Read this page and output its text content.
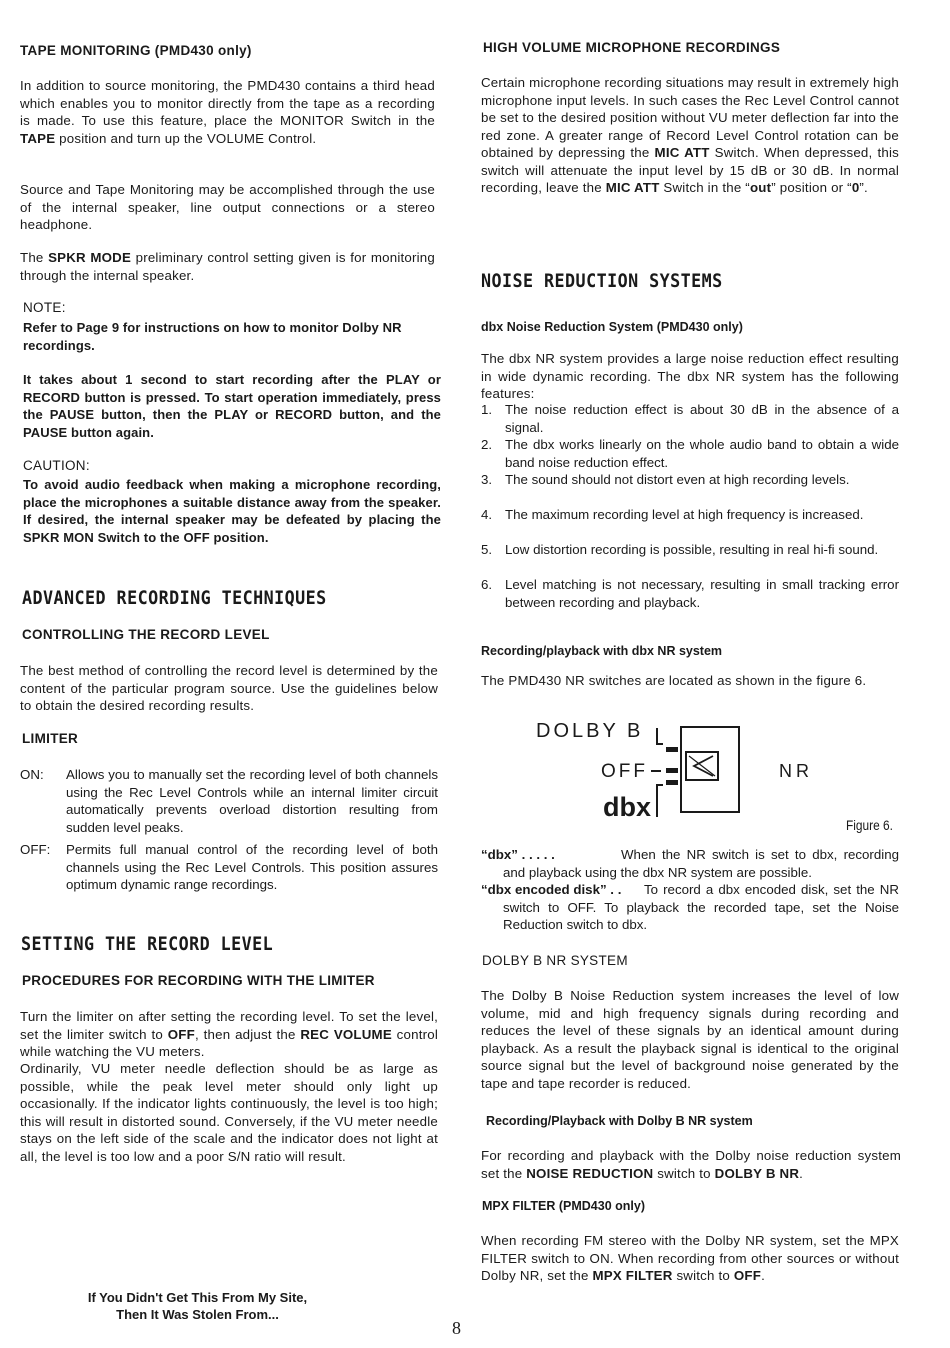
TAPE MONITORING (PMD430 only)

In addition to source monitoring, the PMD430 contains a third head which enables you to monitor directly from the tape as a recording is made. To use this feature, place the MONITOR Switch in the TAPE position and turn up the VOLUME Control.

Source and Tape Monitoring may be accomplished through the use of the internal speaker, line output connections or a stereo headphone.

The SPKR MODE preliminary control setting given is for monitoring through the internal speaker.

NOTE:

Refer to Page 9 for instructions on how to monitor Dolby NR recordings.

It takes about 1 second to start recording after the PLAY or RECORD button is pressed. To start operation immediately, press the PAUSE button, then the PLAY or RECORD button, and the PAUSE button again.

CAUTION:

To avoid audio feedback when making a microphone recording, place the microphones a suitable distance away from the speaker. If desired, the internal speaker may be defeated by placing the SPKR MON Switch to the OFF position.

ADVANCED RECORDING TECHNIQUES
CONTROLLING THE RECORD LEVEL

The best method of controlling the record level is determined by the content of the particular program source. Use the guidelines below to obtain the desired recording results.

LIMITER
ON: Allows you to manually set the recording level of both channels using the Rec Level Controls while an internal limiter circuit automatically prevents overload distortion resulting from sudden level peaks.
OFF: Permits full manual control of the recording level of both channels using the Rec Level Controls. This position assures optimum dynamic range recordings.
SETTING THE RECORD LEVEL
PROCEDURES FOR RECORDING WITH THE LIMITER

Turn the limiter on after setting the recording level. To set the level, set the limiter switch to OFF, then adjust the REC VOLUME control while watching the VU meters.

Ordinarily, VU meter needle deflection should be as large as possible, while the peak level meter should only light up occasionally. If the indicator lights continuously, the level is too high; this will result in distorted sound. Conversely, if the VU meter needle stays on the left side of the scale and the indicator does not light at all, the level is too low and a poor S/N ratio will result.

HIGH VOLUME MICROPHONE RECORDINGS

Certain microphone recording situations may result in extremely high microphone input levels. In such cases the Rec Level Control cannot be set to the desired position without VU meter deflection far into the red zone. A greater range of Record Level Control rotation can be obtained by depressing the MIC ATT Switch. When depressed, this switch will attenuate the input level by 15 dB or 30 dB. In normal recording, leave the MIC ATT Switch in the “out” position or “0”.

NOISE REDUCTION SYSTEMS
dbx Noise Reduction System (PMD430 only)

The dbx NR system provides a large noise reduction effect resulting in wide dynamic recording. The dbx NR system has the following features:

1. The noise reduction effect is about 30 dB in the absence of a signal.
2. The dbx works linearly on the whole audio band to obtain a wide band noise reduction effect.
3. The sound should not distort even at high recording levels.
4. The maximum recording level at high frequency is increased.
5. Low distortion recording is possible, resulting in real hi-fi sound.
6. Level matching is not necessary, resulting in small tracking error between recording and playback.
Recording/playback with dbx NR system

The PMD430 NR switches are located as shown in the figure 6.

DOLBY B
OFF
dbx
NR
Figure 6.
“dbx” . . . . .	When the NR switch is set to dbx, recording and playback using the dbx NR system are possible.
“dbx encoded disk” . .	To record a dbx encoded disk, set the NR switch to OFF. To playback the recorded tape, set the Noise Reduction switch to dbx.
DOLBY B NR SYSTEM

The Dolby B Noise Reduction system increases the level of low volume, mid and high frequency signals during recording and reduces the level of these signals by an identical amount during playback. As a result the playback signal is identical to the original source signal but the level of background noise generated by the tape and tape recorder is reduced.

Recording/Playback with Dolby B NR system

For recording and playback with the Dolby noise reduction system set the NOISE REDUCTION switch to DOLBY B NR.

MPX FILTER (PMD430 only)

When recording FM stereo with the Dolby NR system, set the MPX FILTER switch to ON. When recording from other sources or without Dolby NR, set the MPX FILTER switch to OFF.

If You Didn't Get This From My Site,
Then It Was Stolen From...
8
